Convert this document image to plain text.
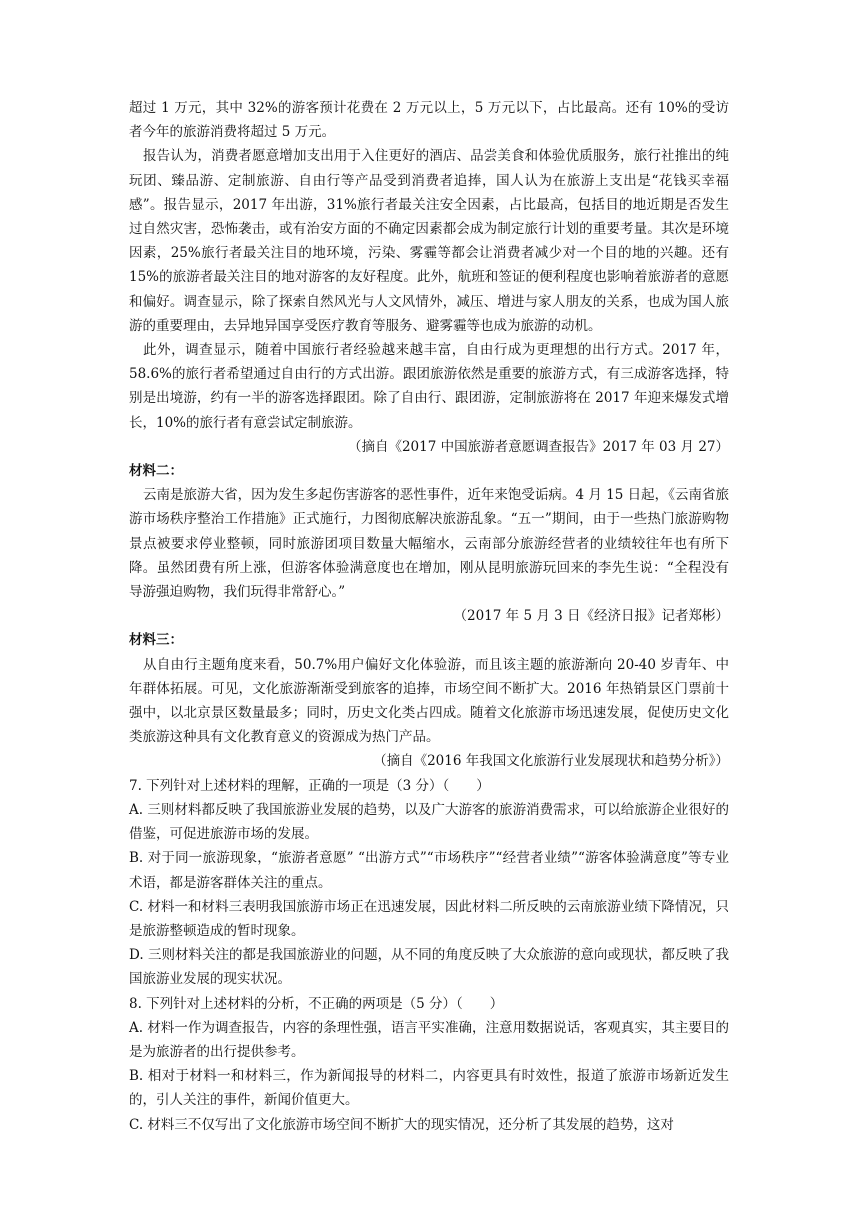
超过 1 万元，其中 32%的游客预计花费在 2 万元以上，5 万元以下，占比最高。还有 10%的受访者今年的旅游消费将超过 5 万元。

报告认为，消费者愿意增加支出用于入住更好的酒店、品尝美食和体验优质服务，旅行社推出的纯玩团、臻品游、定制旅游、自由行等产品受到消费者追捧，国人认为在旅游上支出是“花钱买幸福感”。报告显示，2017 年出游，31%旅行者最关注安全因素，占比最高，包括目的地近期是否发生过自然灾害，恐怖袭击，或有治安方面的不确定因素都会成为制定旅行计划的重要考量。其次是环境因素，25%旅行者最关注目的地环境，污染、雾霾等都会让消费者减少对一个目的地的兴趣。还有 15%的旅游者最关注目的地对游客的友好程度。此外，航班和签证的便利程度也影响着旅游者的意愿和偏好。调查显示，除了探索自然风光与人文风情外，减压、增进与家人朋友的关系，也成为国人旅游的重要理由，去异地异国享受医疗教育等服务、避雾霾等也成为旅游的动机。

此外，调查显示，随着中国旅行者经验越来越丰富，自由行成为更理想的出行方式。2017 年，58.6%的旅行者希望通过自由行的方式出游。跟团旅游依然是重要的旅游方式，有三成游客选择，特别是出境游，约有一半的游客选择跟团。除了自由行、跟团游，定制旅游将在 2017 年迎来爆发式增长，10%的旅行者有意尝试定制旅游。

（摘自《2017 中国旅游者意愿调查报告》2017 年 03 月 27）

材料二：

云南是旅游大省，因为发生多起伤害游客的恶性事件，近年来饱受诟病。4 月 15 日起，《云南省旅游市场秩序整治工作措施》正式施行，力图彻底解决旅游乱象。“五一”期间，由于一些热门旅游购物景点被要求停业整顿，同时旅游团项目数量大幅缩水，云南部分旅游经营者的业绩较往年也有所下降。虽然团费有所上涨，但游客体验满意度也在增加，刚从昆明旅游玩回来的李先生说：“全程没有导游强迫购物，我们玩得非常舒心。”

（2017 年 5 月 3 日《经济日报》记者郑彬）

材料三：

从自由行主题角度来看，50.7%用户偏好文化体验游，而且该主题的旅游渐向 20-40 岁青年、中年群体拓展。可见，文化旅游渐渐受到旅客的追捧，市场空间不断扩大。2016 年热销景区门票前十强中，以北京景区数量最多；同时，历史文化类占四成。随着文化旅游市场迅速发展，促使历史文化类旅游这种具有文化教育意义的资源成为热门产品。

（摘自《2016 年我国文化旅游行业发展现状和趋势分析》）

7. 下列针对上述材料的理解，正确的一项是（3 分）（　　）

A. 三则材料都反映了我国旅游业发展的趋势，以及广大游客的旅游消费需求，可以给旅游企业很好的借鉴，可促进旅游市场的发展。

B. 对于同一旅游现象，“旅游者意愿” “出游方式”“市场秩序”“经营者业绩”“游客体验满意度”等专业术语，都是游客群体关注的重点。

C. 材料一和材料三表明我国旅游市场正在迅速发展，因此材料二所反映的云南旅游业绩下降情况，只是旅游整顿造成的暂时现象。

D. 三则材料关注的都是我国旅游业的问题，从不同的角度反映了大众旅游的意向或现状，都反映了我国旅游业发展的现实状况。

8. 下列针对上述材料的分析，不正确的两项是（5 分）（　　）

A. 材料一作为调查报告，内容的条理性强，语言平实准确，注意用数据说话，客观真实，其主要目的是为旅游者的出行提供参考。

B. 相对于材料一和材料三，作为新闻报导的材料二，内容更具有时效性，报道了旅游市场新近发生的，引人关注的事件，新闻价值更大。

C. 材料三不仅写出了文化旅游市场空间不断扩大的现实情况，还分析了其发展的趋势，这对
